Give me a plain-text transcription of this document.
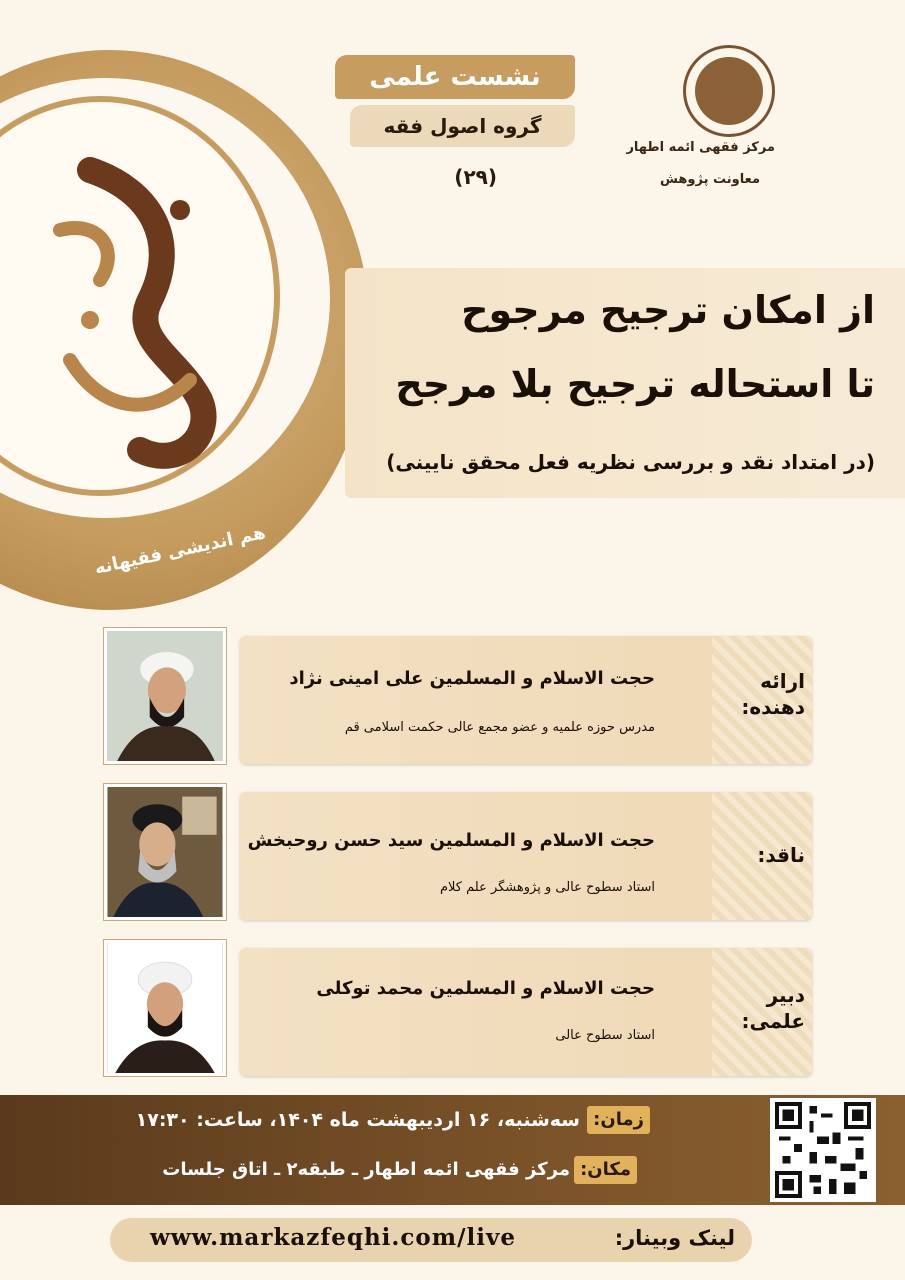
هم اندیشی فقیهانه
نشست علمی
گروه اصول فقه
(۲۹)
مرکز فقهی ائمه اطهار
معاونت پژوهش
از امکان ترجیح مرجوح
تا استحاله ترجیح بلا مرجح
(در امتداد نقد و بررسی نظریه فعل محقق نایینی)
ارائه دهنده:
حجت الاسلام و المسلمین علی امینی نژاد
مدرس حوزه علمیه و عضو مجمع عالی حکمت اسلامی قم
ناقد:
حجت الاسلام و المسلمین سید حسن روحبخش
استاد سطوح عالی و پژوهشگر علم کلام
دبیر علمی:
حجت الاسلام و المسلمین محمد توکلی
استاد سطوح عالی
زمان:
سه‌شنبه، ۱۶ اردیبهشت ماه ۱۴۰۴، ساعت: ۱۷:۳۰
مکان:
مرکز فقهی ائمه اطهار ـ طبقه۲ ـ اتاق جلسات
لینک وبینار:
www.markazfeqhi.com/live
